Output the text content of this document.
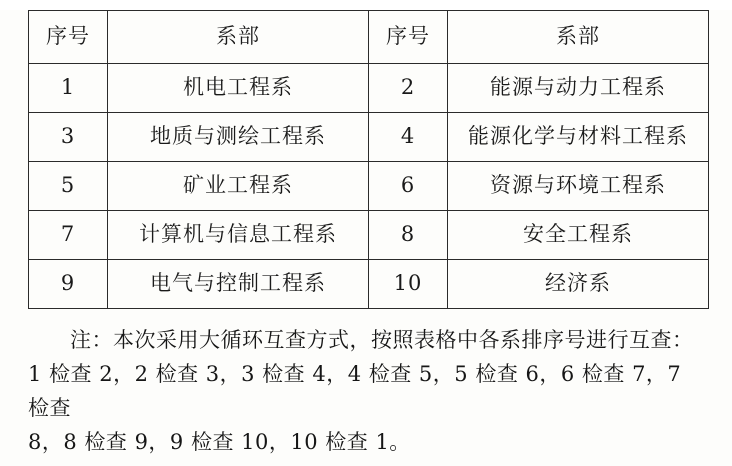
序号	系部	序号	系部
1	机电工程系	2	能源与动力工程系
3	地质与测绘工程系	4	能源化学与材料工程系
5	矿业工程系	6	资源与环境工程系
7	计算机与信息工程系	8	安全工程系
9	电气与控制工程系	10	经济系
注：本次采用大循环互查方式，按照表格中各系排序号进行互查：
1 检查 2，2 检查 3，3 检查 4，4 检查 5，5 检查 6，6 检查 7，7 检查
8，8 检查 9，9 检查 10，10 检查 1。
